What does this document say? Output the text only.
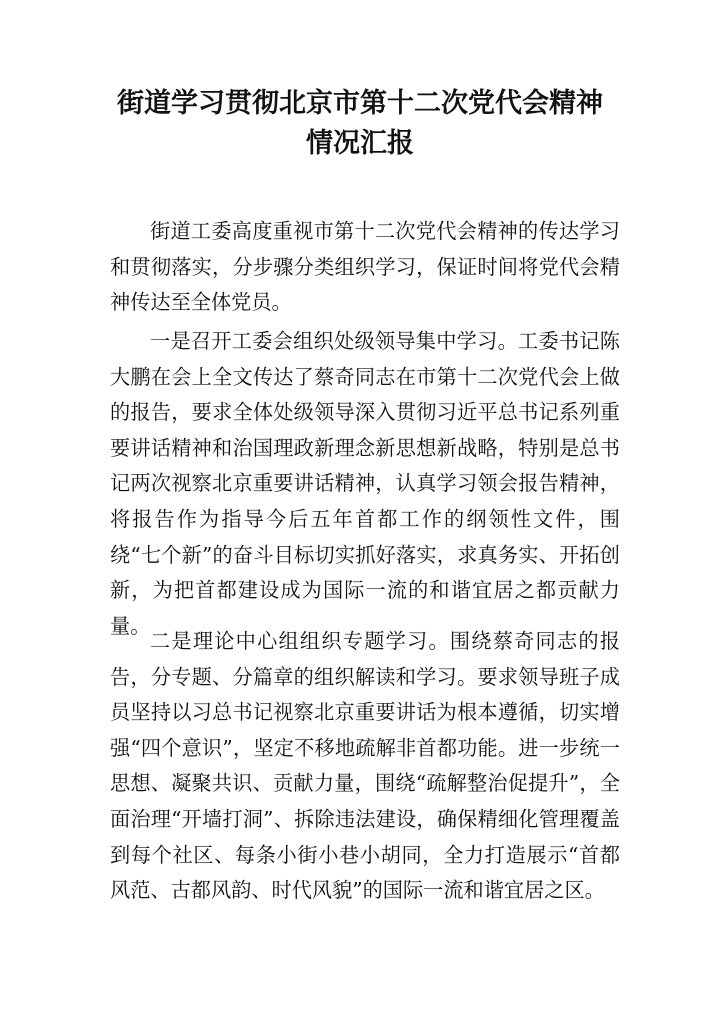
街道学习贯彻北京市第十二次党代会精神
情况汇报

街道工委高度重视市第十二次党代会精神的传达学习和贯彻落实，分步骤分类组织学习，保证时间将党代会精神传达至全体党员。

一是召开工委会组织处级领导集中学习。工委书记陈大鹏在会上全文传达了蔡奇同志在市第十二次党代会上做的报告，要求全体处级领导深入贯彻习近平总书记系列重要讲话精神和治国理政新理念新思想新战略，特别是总书记两次视察北京重要讲话精神，认真学习领会报告精神，将报告作为指导今后五年首都工作的纲领性文件，围绕“七个新”的奋斗目标切实抓好落实，求真务实、开拓创新，为把首都建设成为国际一流的和谐宜居之都贡献力量。

二是理论中心组组织专题学习。围绕蔡奇同志的报告，分专题、分篇章的组织解读和学习。要求领导班子成员坚持以习总书记视察北京重要讲话为根本遵循，切实增强“四个意识”，坚定不移地疏解非首都功能。进一步统一思想、凝聚共识、贡献力量，围绕“疏解整治促提升”，全面治理“开墙打洞”、拆除违法建设，确保精细化管理覆盖到每个社区、每条小街小巷小胡同，全力打造展示“首都风范、古都风韵、时代风貌”的国际一流和谐宜居之区。
